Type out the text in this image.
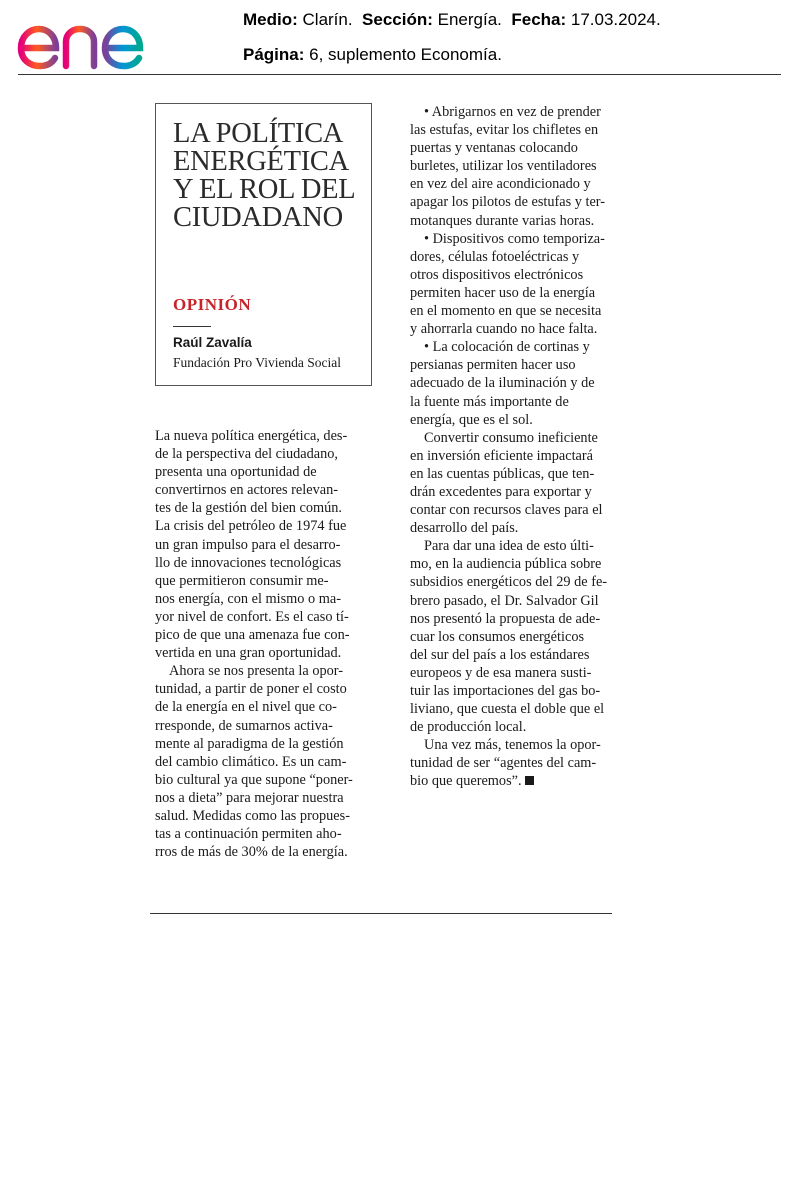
Medio: Clarín. Sección: Energía. Fecha: 17.03.2024.
Página: 6, suplemento Economía.
LA POLÍTICA
ENERGÉTICA
Y EL ROL DEL
CIUDADANO
OPINIÓN
Raúl Zavalía
Fundación Pro Vivienda Social
La nueva política energética, des-
de la perspectiva del ciudadano,
presenta una oportunidad de
convertirnos en actores relevan-
tes de la gestión del bien común.
La crisis del petróleo de 1974 fue
un gran impulso para el desarro-
llo de innovaciones tecnológicas
que permitieron consumir me-
nos energía, con el mismo o ma-
yor nivel de confort. Es el caso tí-
pico de que una amenaza fue con-
vertida en una gran oportunidad.
Ahora se nos presenta la opor-
tunidad, a partir de poner el costo
de la energía en el nivel que co-
rresponde, de sumarnos activa-
mente al paradigma de la gestión
del cambio climático. Es un cam-
bio cultural ya que supone “poner-
nos a dieta” para mejorar nuestra
salud. Medidas como las propues-
tas a continuación permiten aho-
rros de más de 30% de la energía.
• Abrigarnos en vez de prender
las estufas, evitar los chifletes en
puertas y ventanas colocando
burletes, utilizar los ventiladores
en vez del aire acondicionado y
apagar los pilotos de estufas y ter-
motanques durante varias horas.
• Dispositivos como temporiza-
dores, células fotoeléctricas y
otros dispositivos electrónicos
permiten hacer uso de la energía
en el momento en que se necesita
y ahorrarla cuando no hace falta.
• La colocación de cortinas y
persianas permiten hacer uso
adecuado de la iluminación y de
la fuente más importante de
energía, que es el sol.
Convertir consumo ineficiente
en inversión eficiente impactará
en las cuentas públicas, que ten-
drán excedentes para exportar y
contar con recursos claves para el
desarrollo del país.
Para dar una idea de esto últi-
mo, en la audiencia pública sobre
subsidios energéticos del 29 de fe-
brero pasado, el Dr. Salvador Gil
nos presentó la propuesta de ade-
cuar los consumos energéticos
del sur del país a los estándares
europeos y de esa manera susti-
tuir las importaciones del gas bo-
liviano, que cuesta el doble que el
de producción local.
Una vez más, tenemos la opor-
tunidad de ser “agentes del cam-
bio que queremos”.
